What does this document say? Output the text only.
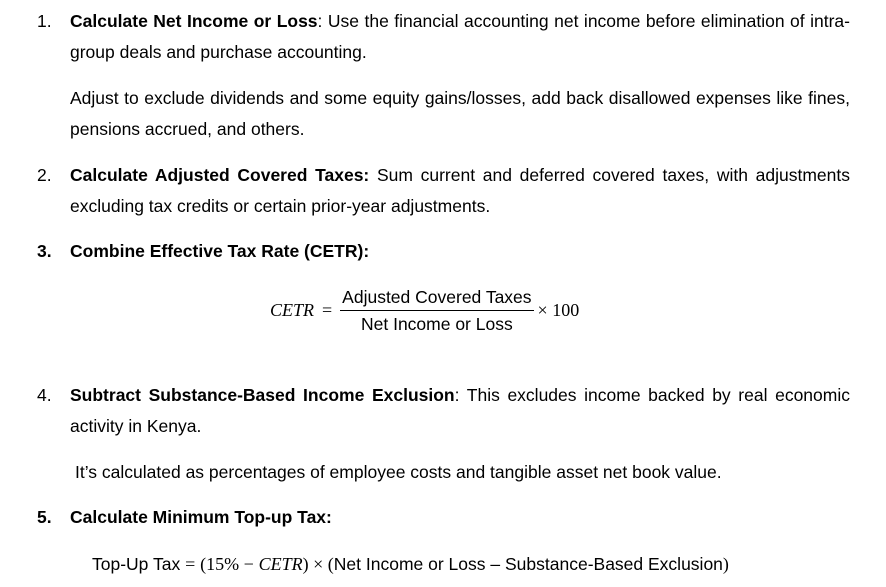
1. Calculate Net Income or Loss: Use the financial accounting net income before elimination of intra-group deals and purchase accounting.
Adjust to exclude dividends and some equity gains/losses, add back disallowed expenses like fines, pensions accrued, and others.
2. Calculate Adjusted Covered Taxes: Sum current and deferred covered taxes, with adjustments excluding tax credits or certain prior-year adjustments.
3. Combine Effective Tax Rate (CETR):
CETR = $\frac{\text{Adjusted Covered Taxes}}{\text{Net Income or Loss}} \times 100$
4. Subtract Substance-Based Income Exclusion: This excludes income backed by real economic activity in Kenya.
It’s calculated as percentages of employee costs and tangible asset net book value.
5. Calculate Minimum Top-up Tax:
Top-Up Tax = (15% − CETR) × (Net Income or Loss – Substance-Based Exclusion)
